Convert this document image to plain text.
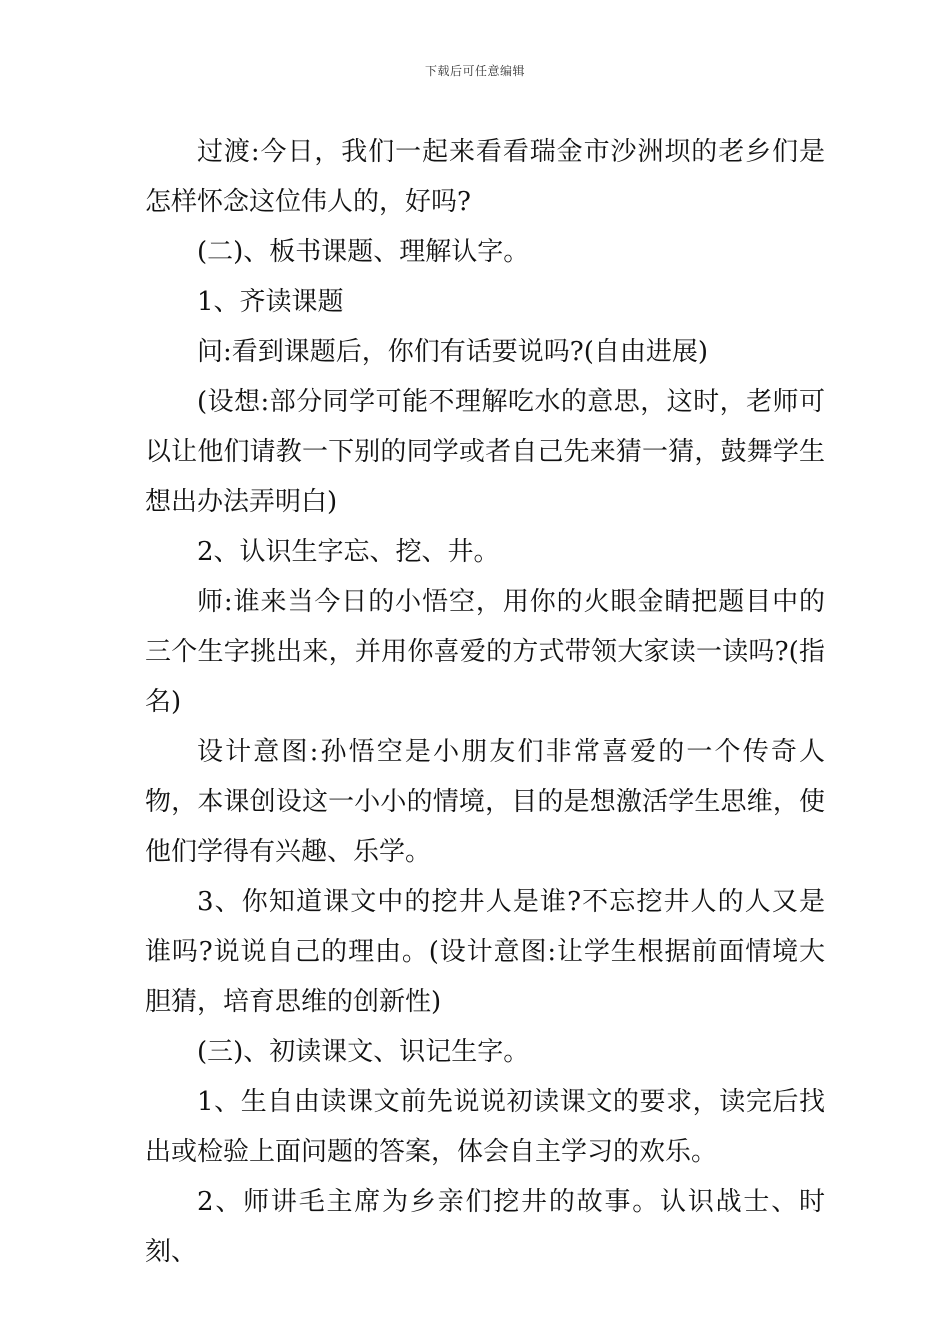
下载后可任意编辑

过渡:今日，我们一起来看看瑞金市沙洲坝的老乡们是怎样怀念这位伟人的，好吗?

(二)、板书课题、理解认字。

1、齐读课题

问:看到课题后，你们有话要说吗?(自由进展)

(设想:部分同学可能不理解吃水的意思，这时，老师可以让他们请教一下别的同学或者自己先来猜一猜，鼓舞学生想出办法弄明白)

2、认识生字忘、挖、井。

师:谁来当今日的小悟空，用你的火眼金睛把题目中的三个生字挑出来，并用你喜爱的方式带领大家读一读吗?(指名)

设计意图:孙悟空是小朋友们非常喜爱的一个传奇人物，本课创设这一小小的情境，目的是想激活学生思维，使他们学得有兴趣、乐学。

3、你知道课文中的挖井人是谁?不忘挖井人的人又是谁吗?说说自己的理由。(设计意图:让学生根据前面情境大胆猜，培育思维的创新性)

(三)、初读课文、识记生字。

1、生自由读课文前先说说初读课文的要求，读完后找出或检验上面问题的答案，体会自主学习的欢乐。

2、师讲毛主席为乡亲们挖井的故事。认识战士、时刻、
